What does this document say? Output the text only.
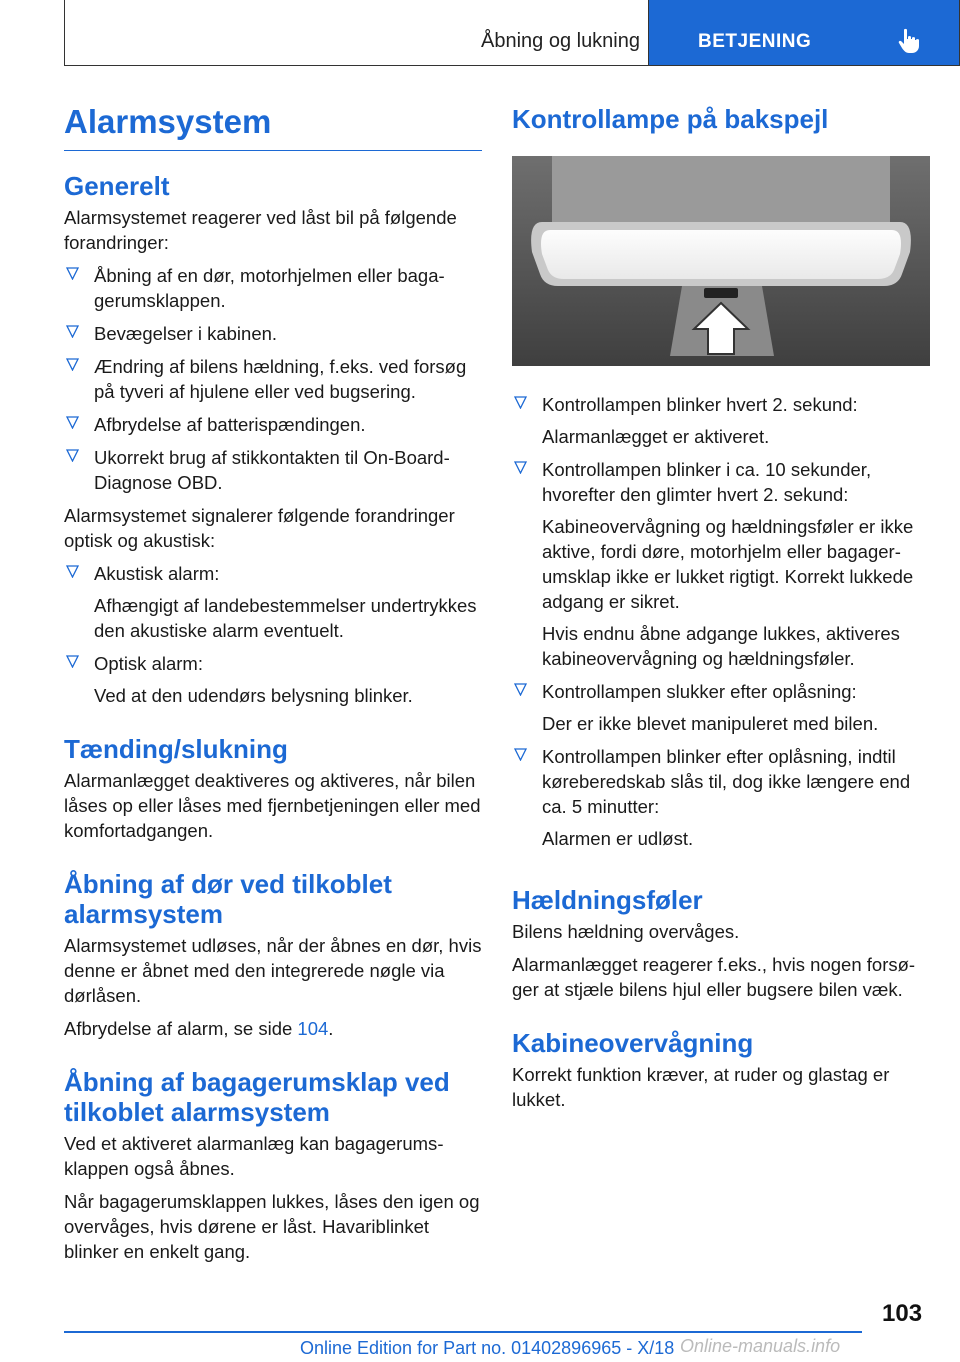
Åbning og lukning	BETJENING
Alarmsystem
Generelt
Alarmsystemet reagerer ved låst bil på følgende forandringer:
Åbning af en dør, motorhjelmen eller bagagerumsklappen.
Bevægelser i kabinen.
Ændring af bilens hældning, f.eks. ved forsøg på tyveri af hjulene eller ved bugsering.
Afbrydelse af batterispændingen.
Ukorrekt brug af stikkontakten til On-Board-Diagnose OBD.
Alarmsystemet signalerer følgende forandringer optisk og akustisk:
Akustisk alarm:
Afhængigt af landebestemmelser undertrykkes den akustiske alarm eventuelt.
Optisk alarm:
Ved at den udendørs belysning blinker.
Tænding/slukning
Alarmanlægget deaktiveres og aktiveres, når bilen låses op eller låses med fjernbetjeningen eller med komfortadgangen.
Åbning af dør ved tilkoblet alarmsystem
Alarmsystemet udløses, når der åbnes en dør, hvis denne er åbnet med den integrerede nøgle via dørlåsen.
Afbrydelse af alarm, se side 104.
Åbning af bagagerumsklap ved tilkoblet alarmsystem
Ved et aktiveret alarmanlæg kan bagagerumsklappen også åbnes.
Når bagagerumsklappen lukkes, låses den igen og overvåges, hvis dørene er låst. Havariblinket blinker en enkelt gang.
Kontrollampe på bakspejl
Kontrollampen blinker hvert 2. sekund:
Alarmanlægget er aktiveret.
Kontrollampen blinker i ca. 10 sekunder, hvorefter den glimter hvert 2. sekund:
Kabineovervågning og hældningsføler er ikke aktive, fordi døre, motorhjelm eller bagagerumsklap ikke er lukket rigtigt. Korrekt lukkede adgang er sikret.
Hvis endnu åbne adgange lukkes, aktiveres kabineovervågning og hældningsføler.
Kontrollampen slukker efter oplåsning:
Der er ikke blevet manipuleret med bilen.
Kontrollampen blinker efter oplåsning, indtil køreberedskab slås til, dog ikke længere end ca. 5 minutter:
Alarmen er udløst.
Hældningsføler
Bilens hældning overvåges.
Alarmanlægget reagerer f.eks., hvis nogen forsøger at stjæle bilens hjul eller bugsere bilen væk.
Kabineovervågning
Korrekt funktion kræver, at ruder og glastag er lukket.
103
Online Edition for Part no. 01402896965 - X/18 Online-manuals.info
